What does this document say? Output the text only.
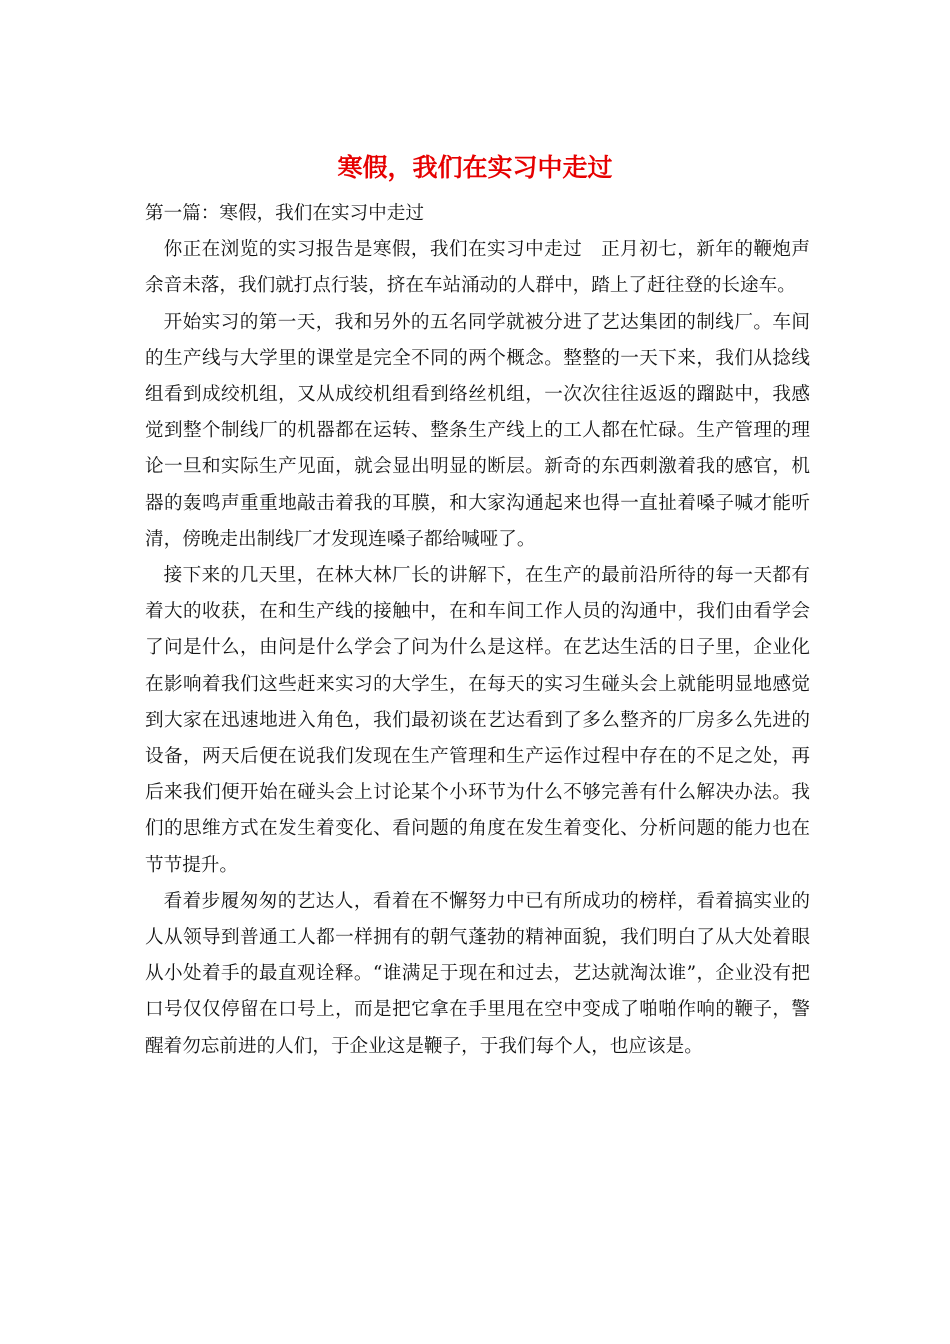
寒假，我们在实习中走过

第一篇：寒假，我们在实习中走过

你正在浏览的实习报告是寒假，我们在实习中走过　正月初七，新年的鞭炮声余音未落，我们就打点行装，挤在车站涌动的人群中，踏上了赶往登的长途车。

开始实习的第一天，我和另外的五名同学就被分进了艺达集团的制线厂。车间的生产线与大学里的课堂是完全不同的两个概念。整整的一天下来，我们从捻线组看到成绞机组，又从成绞机组看到络丝机组，一次次往往返返的蹓跶中，我感觉到整个制线厂的机器都在运转、整条生产线上的工人都在忙碌。生产管理的理论一旦和实际生产见面，就会显出明显的断层。新奇的东西刺激着我的感官，机器的轰鸣声重重地敲击着我的耳膜，和大家沟通起来也得一直扯着嗓子喊才能听清，傍晚走出制线厂才发现连嗓子都给喊哑了。

接下来的几天里，在林大林厂长的讲解下，在生产的最前沿所待的每一天都有着大的收获，在和生产线的接触中，在和车间工作人员的沟通中，我们由看学会了问是什么，由问是什么学会了问为什么是这样。在艺达生活的日子里，企业化在影响着我们这些赶来实习的大学生，在每天的实习生碰头会上就能明显地感觉到大家在迅速地进入角色，我们最初谈在艺达看到了多么整齐的厂房多么先进的设备，两天后便在说我们发现在生产管理和生产运作过程中存在的不足之处，再后来我们便开始在碰头会上讨论某个小环节为什么不够完善有什么解决办法。我们的思维方式在发生着变化、看问题的角度在发生着变化、分析问题的能力也在节节提升。

看着步履匆匆的艺达人，看着在不懈努力中已有所成功的榜样，看着搞实业的人从领导到普通工人都一样拥有的朝气蓬勃的精神面貌，我们明白了从大处着眼从小处着手的最直观诠释。“谁满足于现在和过去，艺达就淘汰谁”，企业没有把口号仅仅停留在口号上，而是把它拿在手里甩在空中变成了啪啪作响的鞭子，警醒着勿忘前进的人们，于企业这是鞭子，于我们每个人，也应该是。
